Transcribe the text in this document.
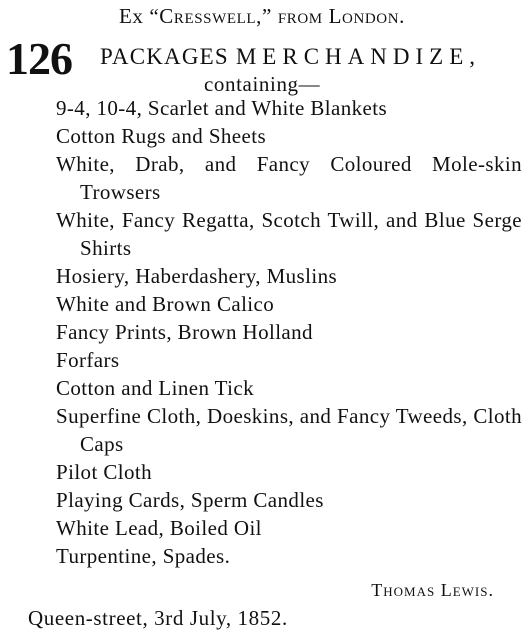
Ex “Cresswell,” from London.
126 PACKAGES MERCHANDIZE,
containing—
9-4, 10-4, Scarlet and White Blankets
Cotton Rugs and Sheets
White, Drab, and Fancy Coloured Mole-skin Trowsers
White, Fancy Regatta, Scotch Twill, and Blue Serge Shirts
Hosiery, Haberdashery, Muslins
White and Brown Calico
Fancy Prints, Brown Holland
Forfars
Cotton and Linen Tick
Superfine Cloth, Doeskins, and Fancy Tweeds, Cloth Caps
Pilot Cloth
Playing Cards, Sperm Candles
White Lead, Boiled Oil
Turpentine, Spades.
Thomas Lewis.
Queen-street, 3rd July, 1852.
